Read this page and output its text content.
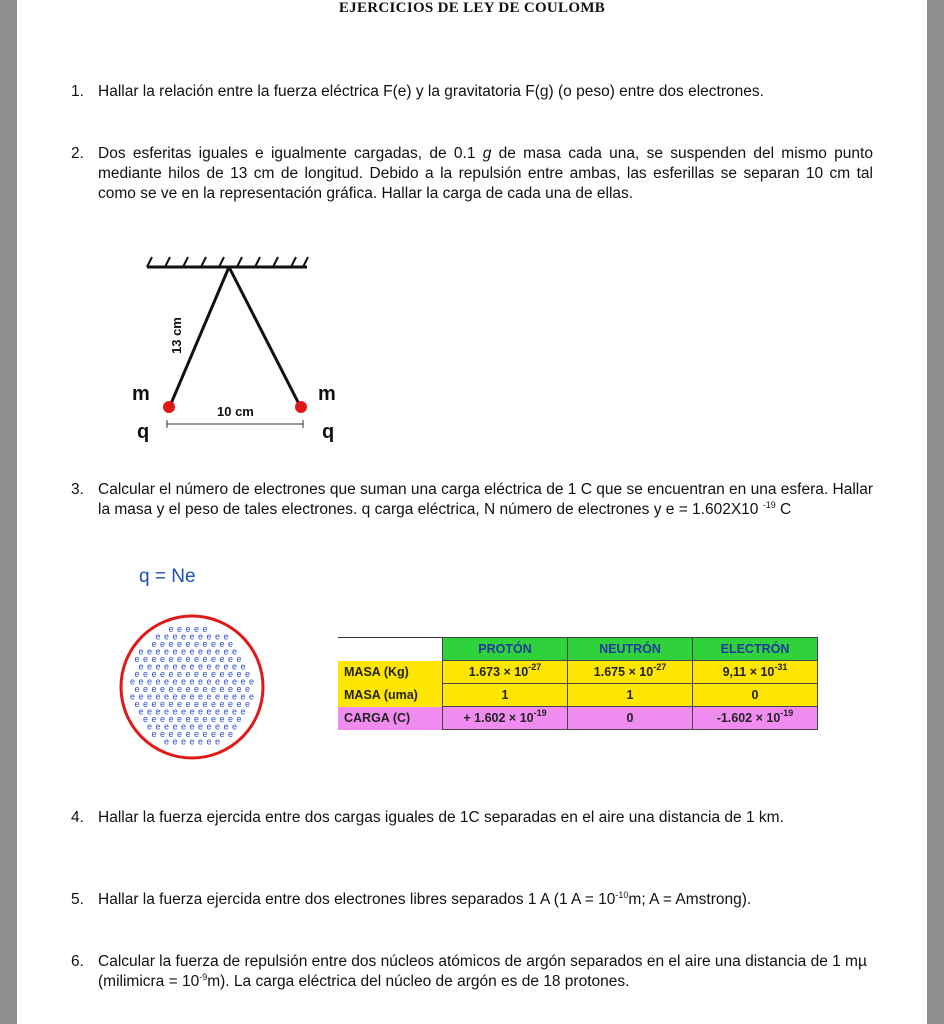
EJERCICIOS DE LEY DE COULOMB
1. Hallar la relación entre la fuerza eléctrica F(e) y la gravitatoria F(g) (o peso) entre dos electrones.
2. Dos esferitas iguales e igualmente cargadas, de 0.1 g de masa cada una, se suspenden del mismo punto mediante hilos de 13 cm de longitud. Debido a la repulsión entre ambas, las esferillas se separan 10 cm tal como se ve en la representación gráfica. Hallar la carga de cada una de ellas.
13 cm
m	m
q	q
10 cm
3. Calcular el número de electrones que suman una carga eléctrica de 1 C que se encuentran en una esfera. Hallar la masa y el peso de tales electrones. q carga eléctrica, N número de electrones y e = 1.602X10 $^{-19}$ C
q = Ne
e e e e e
e e e e e e e e e
e e e e e e e e e e
e e e e e e e e e e e e
e e e e e e e e e e e e e
e e e e e e e e e e e e e
e e e e e e e e e e e e e e
e e e e e e e e e e e e e e e
e e e e e e e e e e e e e e
e e e e e e e e e e e e e e e
e e e e e e e e e e e e e e
e e e e e e e e e e e e e
e e e e e e e e e e e e
e e e e e e e e e e e
e e e e e e e e e e
e e e e e e e
	PROTÓN	NEUTRÓN	ELECTRÓN
MASA (Kg)	$1.673 \times 10^{-27}$	$1.675 \times 10^{-27}$	$9,11 \times 10^{-31}$
MASA (uma)	1	1	0
CARGA (C)	+ $1.602 \times 10^{-19}$	0	$-1.602 \times 10^{-19}$
4. Hallar la fuerza ejercida entre dos cargas iguales de 1C separadas en el aire una distancia de 1 km.
5. Hallar la fuerza ejercida entre dos electrones libres separados 1 A (1 $A = 10^{-10}m$; A = Amstrong).
6. Calcular la fuerza de repulsión entre dos núcleos atómicos de argón separados en el aire una distancia de 1 mµ (milimicra = $10^{-9}m$). La carga eléctrica del núcleo de argón es de 18 protones.
